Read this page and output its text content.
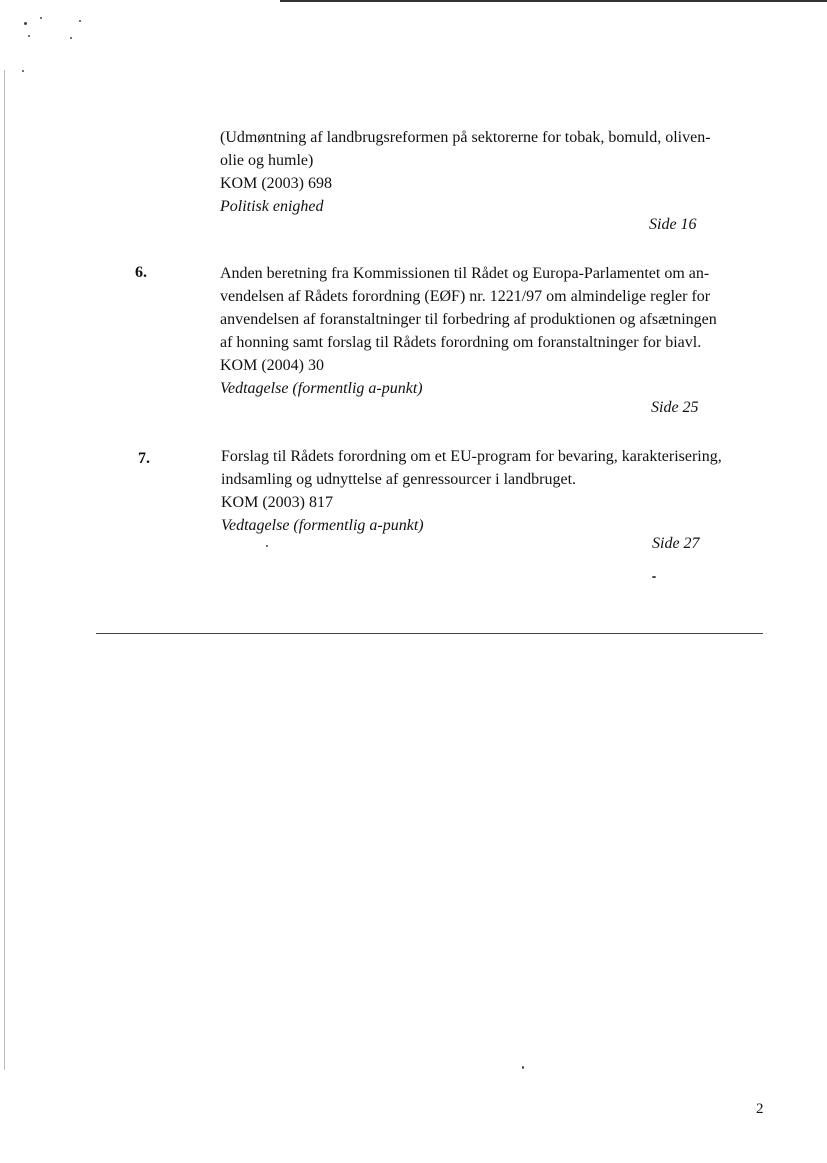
(Udmøntning af landbrugsreformen på sektorerne for tobak, bomuld, oliven-
olie og humle)
KOM (2003) 698
Politisk enighed
Side 16
6.	Anden beretning fra Kommissionen til Rådet og Europa-Parlamentet om an-
vendelsen af Rådets forordning (EØF) nr. 1221/97 om almindelige regler for
anvendelsen af foranstaltninger til forbedring af produktionen og afsætningen
af honning samt forslag til Rådets forordning om foranstaltninger for biavl.
KOM (2004) 30
Vedtagelse (formentlig a-punkt)
Side 25
7.	Forslag til Rådets forordning om et EU-program for bevaring, karakterisering,
indsamling og udnyttelse af genressourcer i landbruget.
KOM (2003) 817
Vedtagelse (formentlig a-punkt)
Side 27
2
